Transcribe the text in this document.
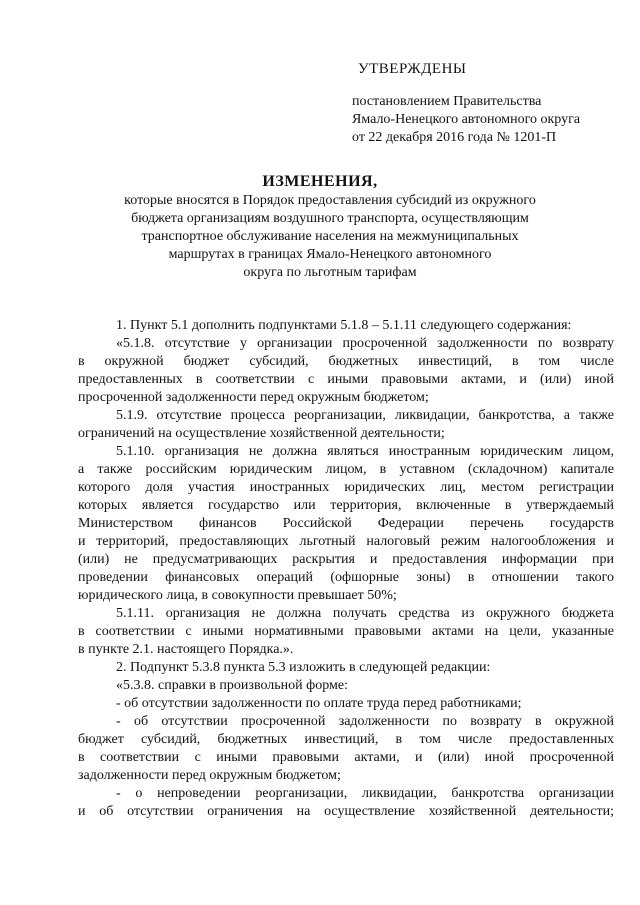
УТВЕРЖДЕНЫ
постановлением Правительства
Ямало-Ненецкого автономного округа
от 22 декабря 2016 года № 1201-П
ИЗМЕНЕНИЯ,
которые вносятся в Порядок предоставления субсидий из окружного
бюджета организациям воздушного транспорта, осуществляющим
транспортное обслуживание населения на межмуниципальных
маршрутах в границах Ямало-Ненецкого автономного
округа по льготным тарифам
1. Пункт 5.1 дополнить подпунктами 5.1.8 – 5.1.11 следующего содержания:
«5.1.8. отсутствие у организации просроченной задолженности по возврату
в окружной бюджет субсидий, бюджетных инвестиций, в том числе
предоставленных в соответствии с иными правовыми актами, и (или) иной
просроченной задолженности перед окружным бюджетом;
5.1.9. отсутствие процесса реорганизации, ликвидации, банкротства, а также
ограничений на осуществление хозяйственной деятельности;
5.1.10. организация не должна являться иностранным юридическим лицом,
а также российским юридическим лицом, в уставном (складочном) капитале
которого доля участия иностранных юридических лиц, местом регистрации
которых является государство или территория, включенные в утверждаемый
Министерством финансов Российской Федерации перечень государств
и территорий, предоставляющих льготный налоговый режим налогообложения и
(или) не предусматривающих раскрытия и предоставления информации при
проведении финансовых операций (офшорные зоны) в отношении такого
юридического лица, в совокупности превышает 50%;
5.1.11. организация не должна получать средства из окружного бюджета
в соответствии с иными нормативными правовыми актами на цели, указанные
в пункте 2.1. настоящего Порядка.».
2. Подпункт 5.3.8 пункта 5.3 изложить в следующей редакции:
«5.3.8. справки в произвольной форме:
- об отсутствии задолженности по оплате труда перед работниками;
- об отсутствии просроченной задолженности по возврату в окружной
бюджет субсидий, бюджетных инвестиций, в том числе предоставленных
в соответствии с иными правовыми актами, и (или) иной просроченной
задолженности перед окружным бюджетом;
- о непроведении реорганизации, ликвидации, банкротства организации
и об отсутствии ограничения на осуществление хозяйственной деятельности;
